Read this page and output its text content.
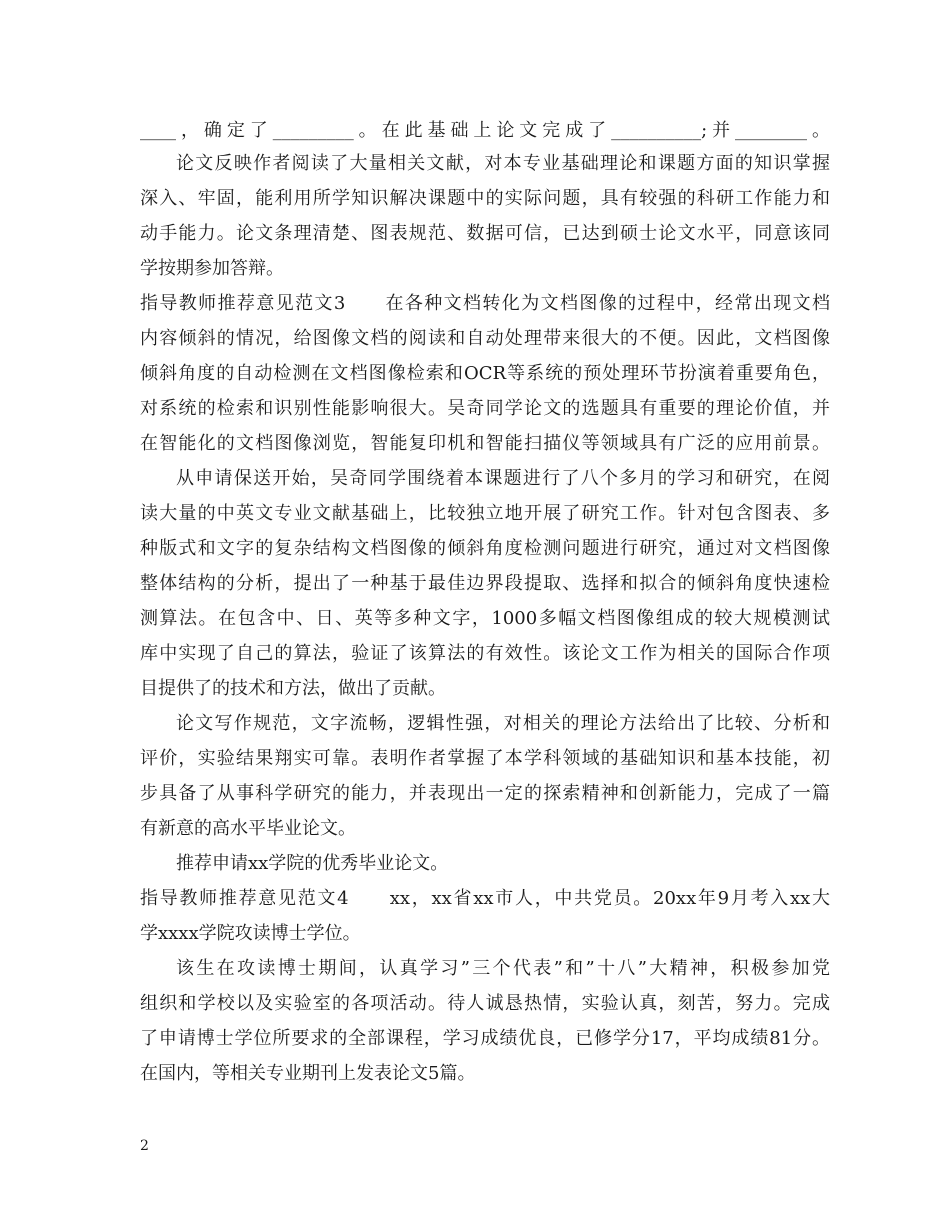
____，确定了_________。在此基础上论文完成了__________;并________。
论文反映作者阅读了大量相关文献，对本专业基础理论和课题方面的知识掌握
深入、牢固，能利用所学知识解决课题中的实际问题，具有较强的科研工作能力和
动手能力。论文条理清楚、图表规范、数据可信，已达到硕士论文水平，同意该同
学按期参加答辩。
指导教师推荐意见范文3　　在各种文档转化为文档图像的过程中，经常出现文档
内容倾斜的情况，给图像文档的阅读和自动处理带来很大的不便。因此，文档图像
倾斜角度的自动检测在文档图像检索和OCR等系统的预处理环节扮演着重要角色，
对系统的检索和识别性能影响很大。吴奇同学论文的选题具有重要的理论价值，并
在智能化的文档图像浏览，智能复印机和智能扫描仪等领域具有广泛的应用前景。
从申请保送开始，吴奇同学围绕着本课题进行了八个多月的学习和研究，在阅
读大量的中英文专业文献基础上，比较独立地开展了研究工作。针对包含图表、多
种版式和文字的复杂结构文档图像的倾斜角度检测问题进行研究，通过对文档图像
整体结构的分析，提出了一种基于最佳边界段提取、选择和拟合的倾斜角度快速检
测算法。在包含中、日、英等多种文字，1000多幅文档图像组成的较大规模测试
库中实现了自己的算法，验证了该算法的有效性。该论文工作为相关的国际合作项
目提供了的技术和方法，做出了贡献。
论文写作规范，文字流畅，逻辑性强，对相关的理论方法给出了比较、分析和
评价，实验结果翔实可靠。表明作者掌握了本学科领域的基础知识和基本技能，初
步具备了从事科学研究的能力，并表现出一定的探索精神和创新能力，完成了一篇
有新意的高水平毕业论文。
推荐申请xx学院的优秀毕业论文。
指导教师推荐意见范文4　　xx，xx省xx市人，中共党员。20xx年9月考入xx大
学xxxx学院攻读博士学位。
该生在攻读博士期间，认真学习”三个代表”和”十八”大精神，积极参加党
组织和学校以及实验室的各项活动。待人诚恳热情，实验认真，刻苦，努力。完成
了申请博士学位所要求的全部课程，学习成绩优良，已修学分17，平均成绩81分。
在国内，等相关专业期刊上发表论文5篇。
2
